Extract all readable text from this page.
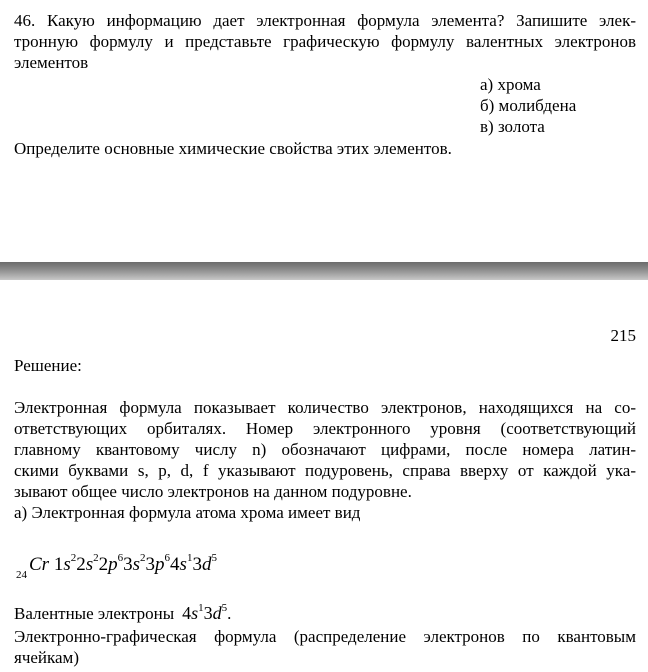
46. Какую информацию дает электронная формула элемента? Запишите элек-
тронную формулу и представьте графическую формулу валентных электронов
элементов
а) хрома
б) молибдена
в) золота
Определите основные химические свойства этих элементов.
215
Решение:
Электронная формула показывает количество электронов, находящихся на со-
ответствующих орбиталях. Номер электронного уровня (соответствующий
главному квантовому числу n) обозначают цифрами, после номера латин-
скими буквами s, p, d, f указывают подуровень, справа вверху от каждой ука-
зывают общее число электронов на данном подуровне.
а) Электронная формула атома хрома имеет вид
$_{24}$ Cr $1s^22s^22p^63s^23p^64s^13d^5$
Валентные электроны $4s^13d^5$.
Электронно-графическая формула (распределение электронов по квантовым
ячейкам)
